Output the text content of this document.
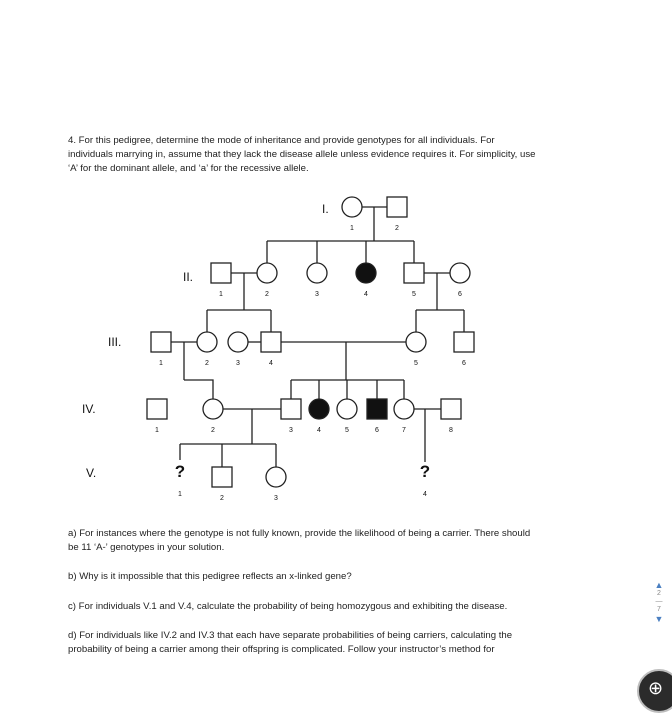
4. For this pedigree, determine the mode of inheritance and provide genotypes for all individuals. For
individuals marrying in, assume that they lack the disease allele unless evidence requires it. For simplicity, use
‘A’ for the dominant allele, and ‘a’ for the recessive allele.
1	2
1	2	3	4	5	6
1	2	3	4	5	6
1	2	3	4	5	6	7	8
?
1
2	3
?
4
I.
II.
III.
IV.
V.
a) For instances where the genotype is not fully known, provide the likelihood of being a carrier. There should
be 11 ‘A-’ genotypes in your solution.
b) Why is it impossible that this pedigree reflects an x-linked gene?
c) For individuals V.1 and V.4, calculate the probability of being homozygous and exhibiting the disease.
d) For individuals like IV.2 and IV.3 that each have separate probabilities of being carriers, calculating the
probability of being a carrier among their offspring is complicated. Follow your instructor’s method for
▲
2
—
7
▼
⊕
